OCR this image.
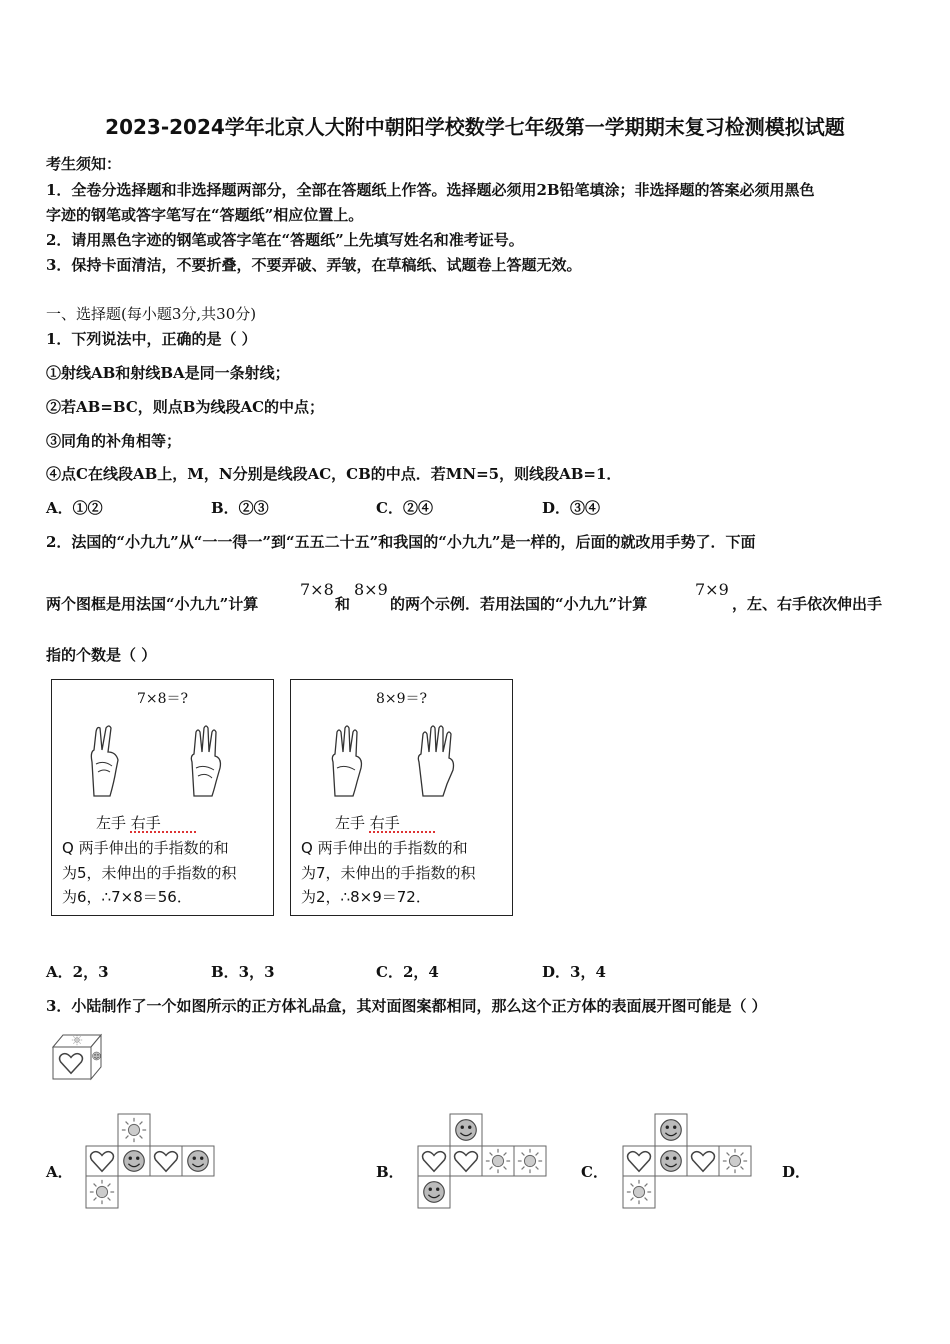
2023-2024学年北京人大附中朝阳学校数学七年级第一学期期末复习检测模拟试题
考生须知：
1．全卷分选择题和非选择题两部分，全部在答题纸上作答。选择题必须用2B铅笔填涂；非选择题的答案必须用黑色
字迹的钢笔或答字笔写在“答题纸”相应位置上。
2．请用黑色字迹的钢笔或答字笔在“答题纸”上先填写姓名和准考证号。
3．保持卡面清洁，不要折叠，不要弄破、弄皱，在草稿纸、试题卷上答题无效。
一、选择题(每小题3分,共30分)
1．下列说法中，正确的是（ ）
①射线AB和射线BA是同一条射线；
②若AB=BC，则点B为线段AC的中点；
③同角的补角相等；
④点C在线段AB上，M，N分别是线段AC，CB的中点．若MN=5，则线段AB=1．
A．①②	B．②③	C．②④	D．③④
2．法国的“小九九”从“一一得一”到“五五二十五”和我国的“小九九”是一样的，后面的就改用手势了．下面
两个图框是用法国“小九九”计算
7×8
和
8×9
的两个示例．若用法国的“小九九”计算
7×9
，左、右手依次伸出手
指的个数是（ ）
7×8＝?
左手 右手
Q 两手伸出的手指数的和
为5，未伸出的手指数的积
为6，∴7×8＝56．
8×9＝?
左手 右手
Q 两手伸出的手指数的和
为7，未伸出的手指数的积
为2，∴8×9＝72．
A．2，3	B．3，3	C．2，4	D．3，4
3．小陆制作了一个如图所示的正方体礼品盒，其对面图案都相同，那么这个正方体的表面展开图可能是（ ）
A．	B．	C．	D．
